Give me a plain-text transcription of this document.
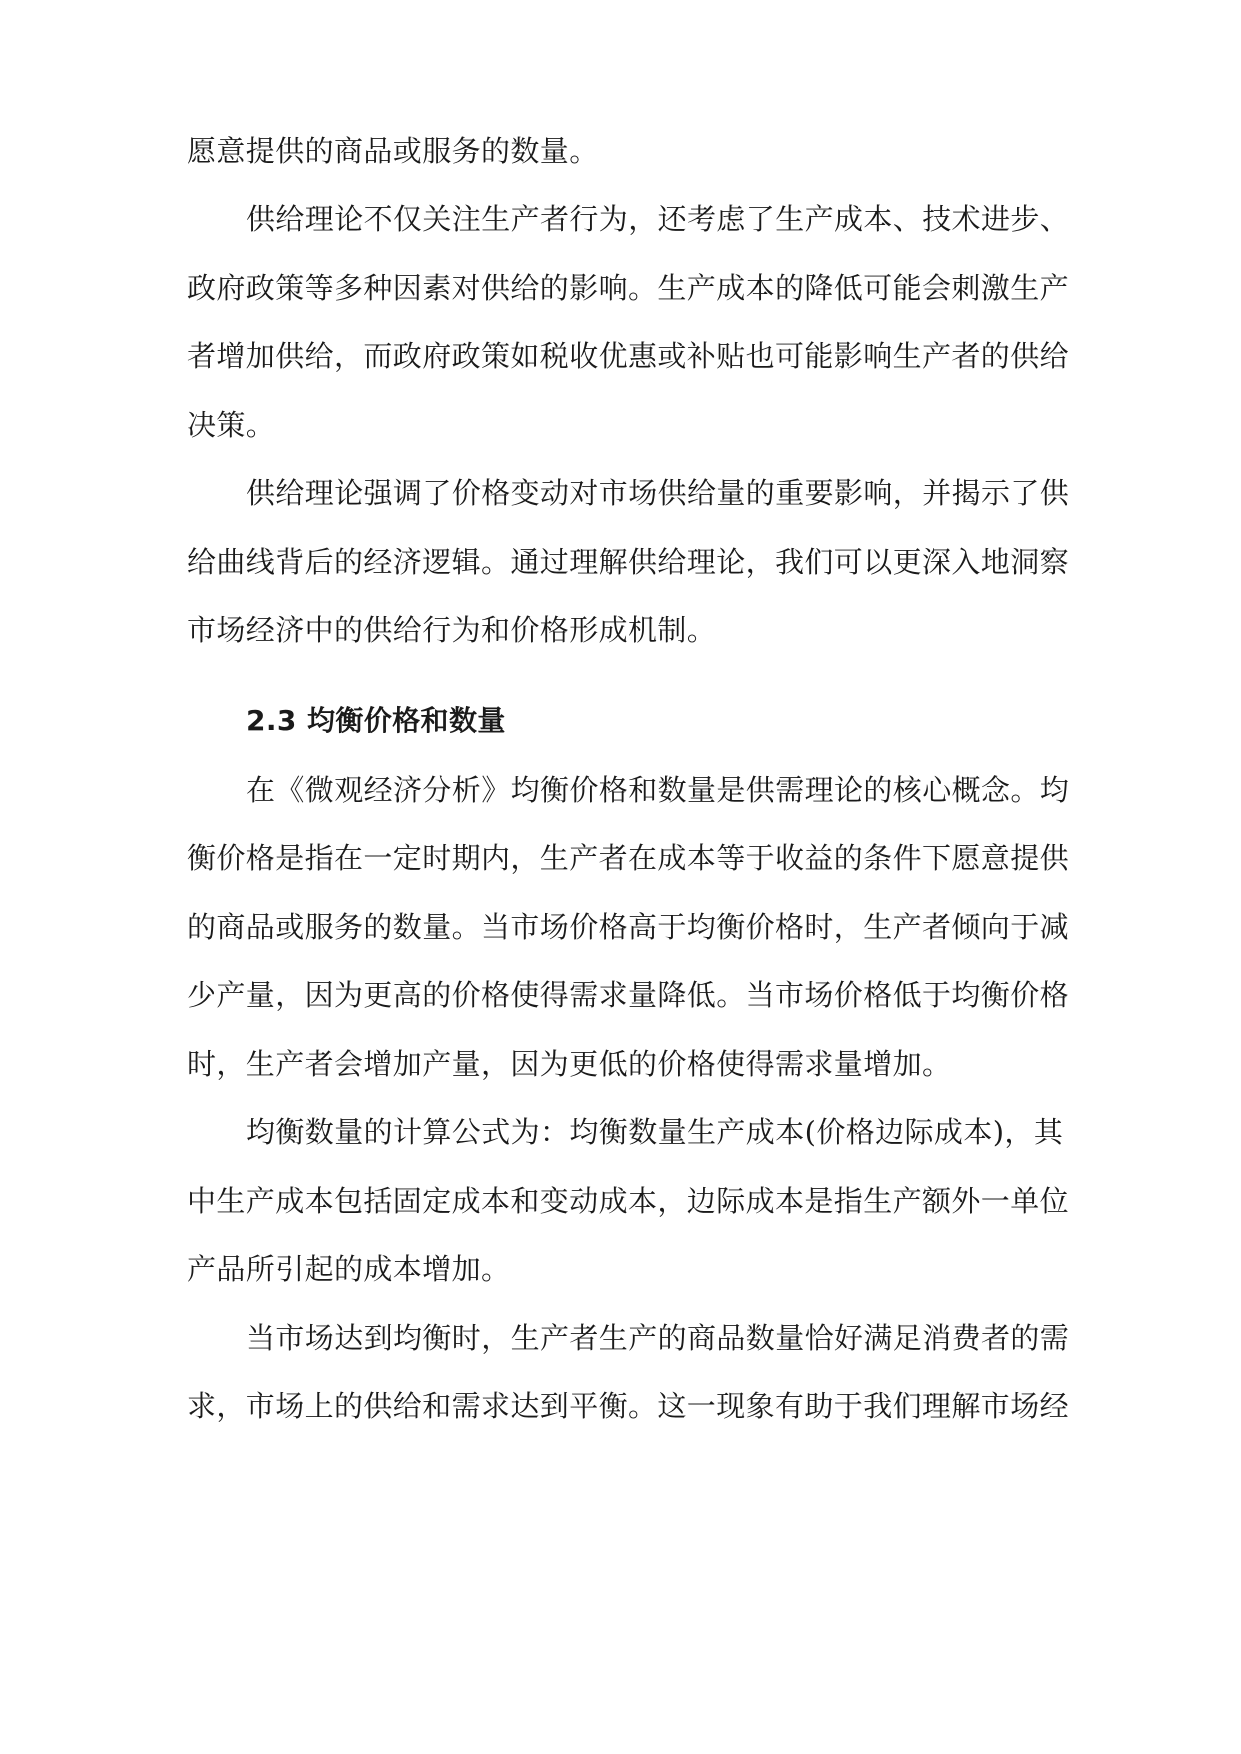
愿意提供的商品或服务的数量。
供给理论不仅关注生产者行为，还考虑了生产成本、技术进步、
政府政策等多种因素对供给的影响。生产成本的降低可能会刺激生产
者增加供给，而政府政策如税收优惠或补贴也可能影响生产者的供给
决策。
供给理论强调了价格变动对市场供给量的重要影响，并揭示了供
给曲线背后的经济逻辑。通过理解供给理论，我们可以更深入地洞察
市场经济中的供给行为和价格形成机制。
2.3 均衡价格和数量
在《微观经济分析》均衡价格和数量是供需理论的核心概念。均
衡价格是指在一定时期内，生产者在成本等于收益的条件下愿意提供
的商品或服务的数量。当市场价格高于均衡价格时，生产者倾向于减
少产量，因为更高的价格使得需求量降低。当市场价格低于均衡价格
时，生产者会增加产量，因为更低的价格使得需求量增加。
均衡数量的计算公式为：均衡数量生产成本(价格边际成本)，其
中生产成本包括固定成本和变动成本，边际成本是指生产额外一单位
产品所引起的成本增加。
当市场达到均衡时，生产者生产的商品数量恰好满足消费者的需
求，市场上的供给和需求达到平衡。这一现象有助于我们理解市场经
